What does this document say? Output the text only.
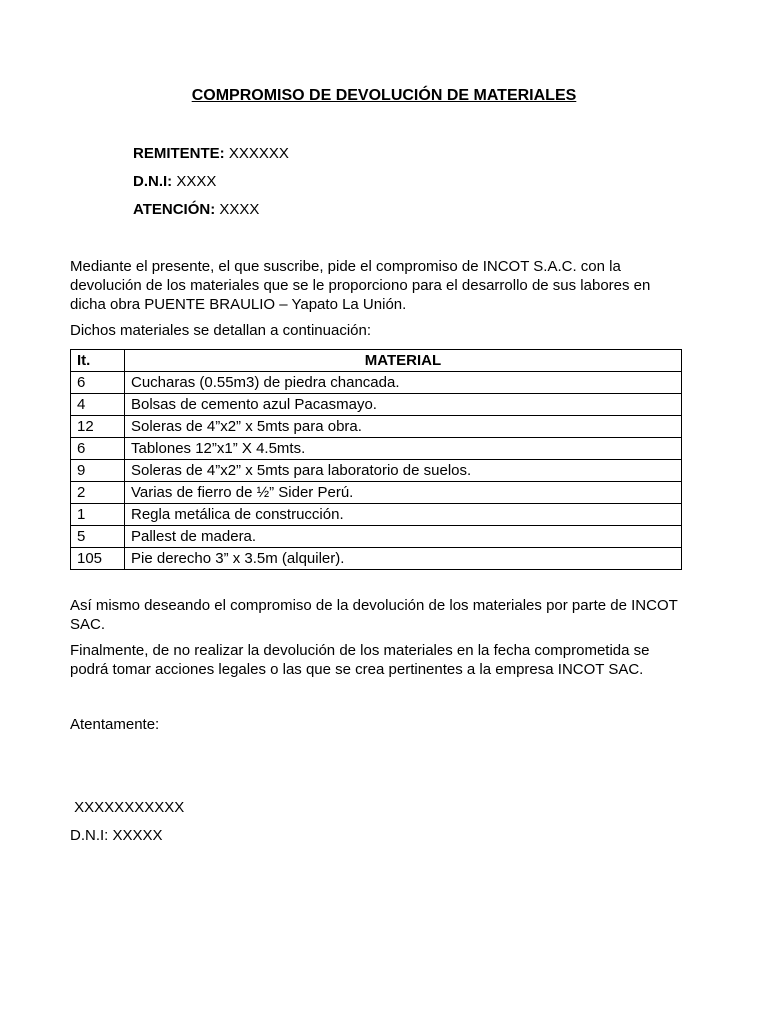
COMPROMISO DE DEVOLUCIÓN DE MATERIALES

REMITENTE: XXXXXX

D.N.I: XXXX

ATENCIÓN: XXXX

Mediante el presente, el que suscribe, pide el compromiso de INCOT S.A.C. con la
devolución de los materiales que se le proporciono para el desarrollo de sus labores en
dicha obra PUENTE BRAULIO – Yapato La Unión.

Dichos materiales se detallan a continuación:

It.	MATERIAL
6	Cucharas (0.55m3) de piedra chancada.
4	Bolsas de cemento azul Pacasmayo.
12	Soleras de 4”x2” x 5mts para obra.
6	Tablones 12”x1” X 4.5mts.
9	Soleras de 4”x2” x 5mts para laboratorio de suelos.
2	Varias de fierro de ½” Sider Perú.
1	Regla metálica de construcción.
5	Pallest de madera.
105	Pie derecho 3” x 3.5m (alquiler).
Así mismo deseando el compromiso de la devolución de los materiales por parte de INCOT
SAC.
Finalmente, de no realizar la devolución de los materiales en la fecha comprometida se
podrá tomar acciones legales o las que se crea pertinentes a la empresa INCOT SAC.

Atentamente:

XXXXXXXXXXX

D.N.I: XXXXX
